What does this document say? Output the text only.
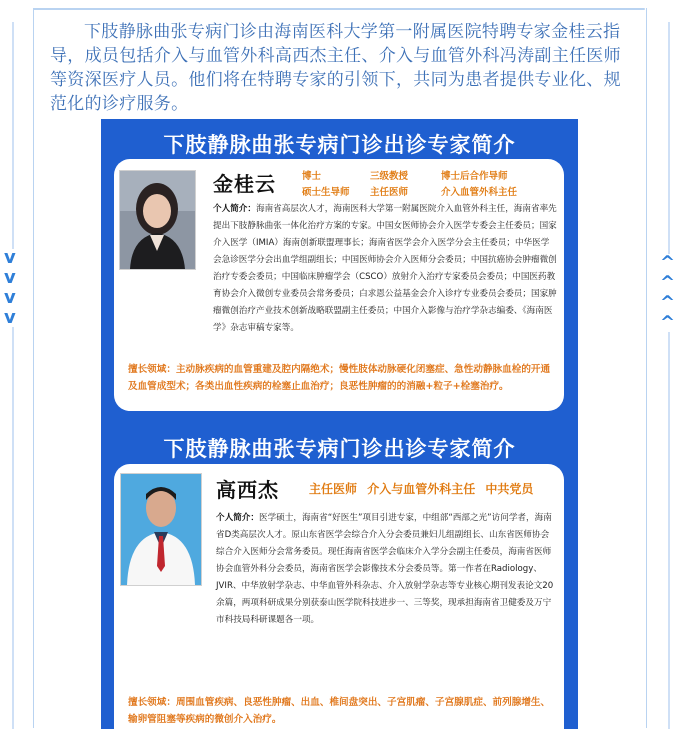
v
v
v
v
^
^
^
^

下肢静脉曲张专病门诊由海南医科大学第一附属医院特聘专家金桂云指导，成员包括介入与血管外科高西杰主任、介入与血管外科冯涛副主任医师等资深医疗人员。他们将在特聘专家的引领下，共同为患者提供专业化、规范化的诊疗服务。

下肢静脉曲张专病门诊出诊专家简介
金桂云	博士	三级教授	博士后合作导师
硕士生导师 主任医师	介入血管外科主任
个人简介：海南省高层次人才，海南医科大学第一附属医院介入血管外科主任，海南省率先提出下肢静脉曲张一体化治疗方案的专家。中国女医师协会介入医学专委会主任委员；国家介入医学（IMIA）海南创新联盟理事长；海南省医学会介入医学分会主任委员；中华医学会急诊医学分会出血学组副组长；中国医师协会介入医师分会委员；中国抗癌协会肿瘤微创治疗专委会委员；中国临床肿瘤学会（CSCO）放射介入治疗专家委员会委员；中国医药教育协会介入微创专业委员会常务委员；白求恩公益基金会介入诊疗专业委员会委员；国家肿瘤微创治疗产业技术创新战略联盟副主任委员；中国介入影像与治疗学杂志编委、《海南医学》杂志审稿专家等。
擅长领域：主动脉疾病的血管重建及腔内隔绝术；慢性肢体动脉硬化闭塞症、急性动静脉血栓的开通及血管成型术；各类出血性疾病的栓塞止血治疗；良恶性肿瘤的的消融+粒子+栓塞治疗。
下肢静脉曲张专病门诊出诊专家简介
高西杰	主任医师 介入与血管外科主任 中共党员
个人简介：医学硕士，海南省“好医生”项目引进专家，中组部“西部之光”访问学者，海南省D类高层次人才。原山东省医学会综合介入分会委员兼妇儿组副组长、山东省医师协会综合介入医师分会常务委员。现任海南省医学会临床介入学分会副主任委员，海南省医师协会血管外科分会委员，海南省医学会影像技术分会委员等。第一作者在Radiology、JVIR、中华放射学杂志、中华血管外科杂志、介入放射学杂志等专业核心期刊发表论文20余篇，两项科研成果分别获泰山医学院科技进步一、三等奖，现承担海南省卫健委及万宁市科技局科研课题各一项。
擅长领域：周围血管疾病、良恶性肿瘤、出血、椎间盘突出、子宫肌瘤、子宫腺肌症、前列腺增生、输卵管阻塞等疾病的微创介入治疗。
